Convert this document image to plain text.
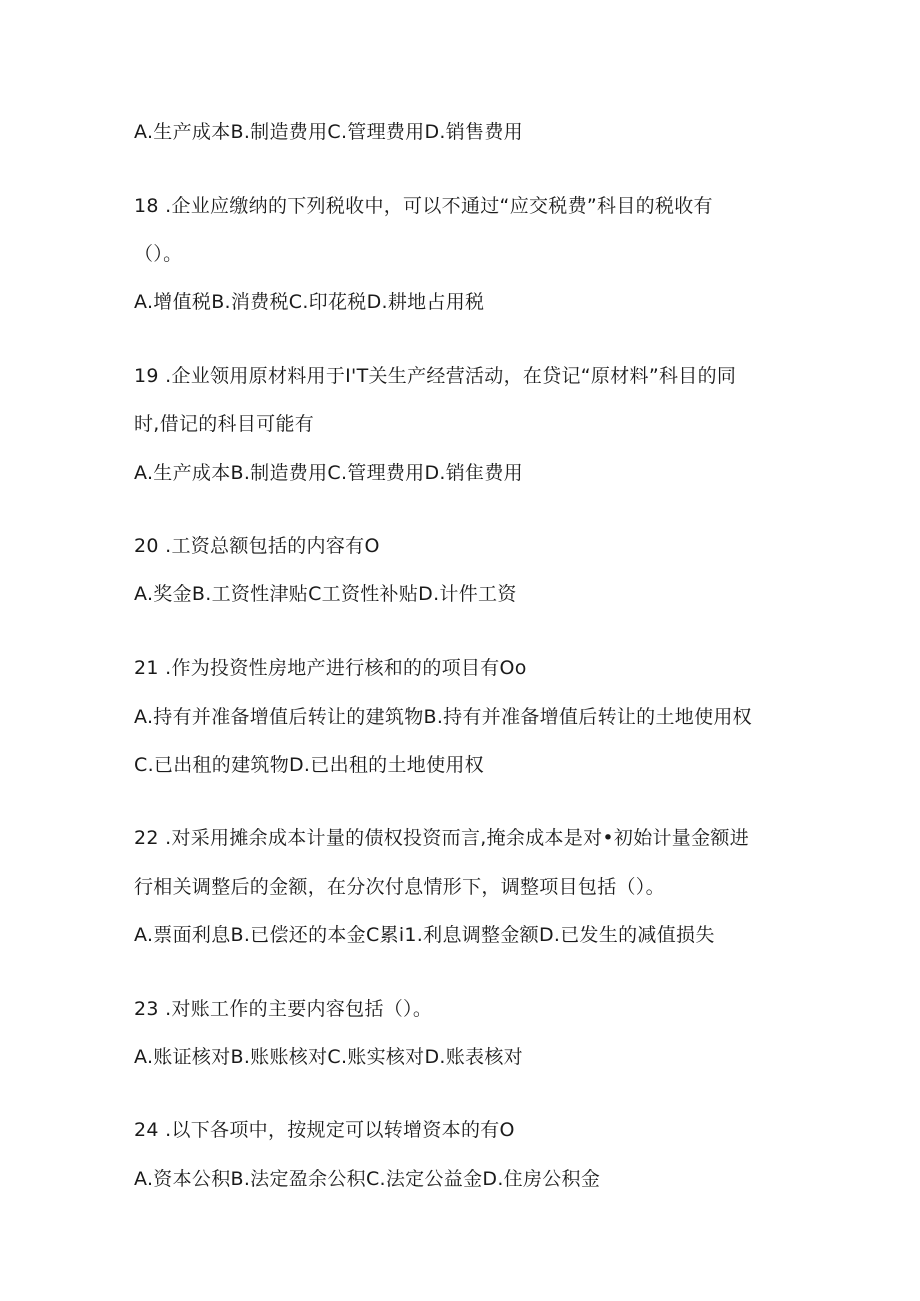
A.生产成本B.制造费用C.管理费用D.销售费用
18 .企业应缴纳的下列税收中，可以不通过“应交税费”科目的税收有
（）。
A.增值税B.消费税C.印花税D.耕地占用税
19 .企业领用原材料用于I'T关生产经营活动，在贷记“原材料”科目的同
时,借记的科目可能有
A.生产成本B.制造费用C.管理费用D.销隹费用
20 .工资总额包括的内容有O
A.奖金B.工资性津贴C工资性补贴D.计件工资
21 .作为投资性房地产进行核和的的项目有Oo
A.持有并准备增值后转让的建筑物B.持有并准备增值后转让的土地使用权
C.已出租的建筑物D.已出租的土地使用权
22 .对采用摊余成本计量的债权投资而言,掩余成本是对•初始计量金额进
行相关调整后的金额，在分次付息情形下，调整项目包括（）。
A.票面利息B.已偿还的本金C累i1.利息调整金额D.已发生的减值损失
23 .对账工作的主要内容包括（）。
A.账证核对B.账账核对C.账实核对D.账表核对
24 .以下各项中，按规定可以转增资本的有O
A.资本公积B.法定盈余公积C.法定公益金D.住房公积金
